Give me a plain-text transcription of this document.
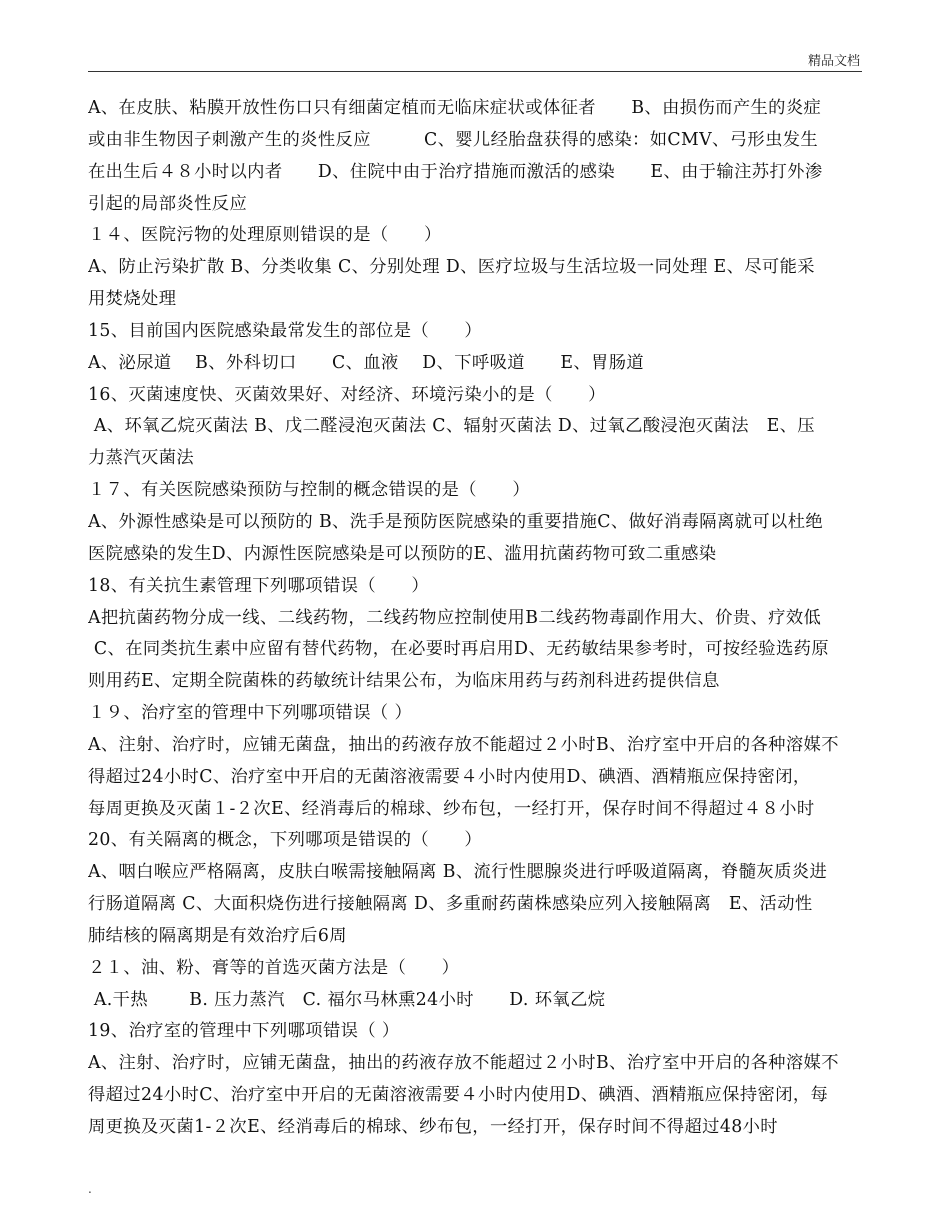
精品文档
A、在皮肤、粘膜开放性伤口只有细菌定植而无临床症状或体征者　　B、由损伤而产生的炎症
或由非生物因子刺激产生的炎性反应　　　C、婴儿经胎盘获得的感染：如CMV、弓形虫发生
在出生后４８小时以内者　　D、住院中由于治疗措施而激活的感染　　E、由于输注苏打外渗
引起的局部炎性反应
１４、医院污物的处理原则错误的是（　　）
A、防止污染扩散 B、分类收集 C、分别处理 D、医疗垃圾与生活垃圾一同处理 E、尽可能采
用焚烧处理
15、目前国内医院感染最常发生的部位是（　　）
A、泌尿道　 B、外科切口　　C、血液　 D、下呼吸道　　E、胃肠道
16、灭菌速度快、灭菌效果好、对经济、环境污染小的是（　　）
A、环氧乙烷灭菌法 B、戊二醛浸泡灭菌法 C、辐射灭菌法 D、过氧乙酸浸泡灭菌法　E、压
力蒸汽灭菌法
１７、有关医院感染预防与控制的概念错误的是（　　）
A、外源性感染是可以预防的 B、洗手是预防医院感染的重要措施C、做好消毒隔离就可以杜绝
医院感染的发生D、内源性医院感染是可以预防的E、滥用抗菌药物可致二重感染
18、有关抗生素管理下列哪项错误（　　）
A把抗菌药物分成一线、二线药物，二线药物应控制使用B二线药物毒副作用大、价贵、疗效低
C、在同类抗生素中应留有替代药物，在必要时再启用D、无药敏结果参考时，可按经验选药原
则用药E、定期全院菌株的药敏统计结果公布，为临床用药与药剂科进药提供信息
１９、治疗室的管理中下列哪项错误（ ）
A、注射、治疗时，应铺无菌盘，抽出的药液存放不能超过２小时B、治疗室中开启的各种溶媒不
得超过24小时C、治疗室中开启的无菌溶液需要４小时内使用D、碘酒、酒精瓶应保持密闭，
每周更换及灭菌１-２次E、经消毒后的棉球、纱布包，一经打开，保存时间不得超过４８小时
20、有关隔离的概念，下列哪项是错误的（　　）
A、咽白喉应严格隔离，皮肤白喉需接触隔离 B、流行性腮腺炎进行呼吸道隔离，脊髓灰质炎进
行肠道隔离 C、大面积烧伤进行接触隔离 D、多重耐药菌株感染应列入接触隔离　E、活动性
肺结核的隔离期是有效治疗后6周
２１、油、粉、膏等的首选灭菌方法是（　　）
A.干热　　 B. 压力蒸汽　C. 福尔马林熏24小时　　D. 环氧乙烷
19、治疗室的管理中下列哪项错误（ ）
A、注射、治疗时，应铺无菌盘，抽出的药液存放不能超过２小时B、治疗室中开启的各种溶媒不
得超过24小时C、治疗室中开启的无菌溶液需要４小时内使用D、碘酒、酒精瓶应保持密闭，每
周更换及灭菌1-２次E、经消毒后的棉球、纱布包，一经打开，保存时间不得超过48小时
.
